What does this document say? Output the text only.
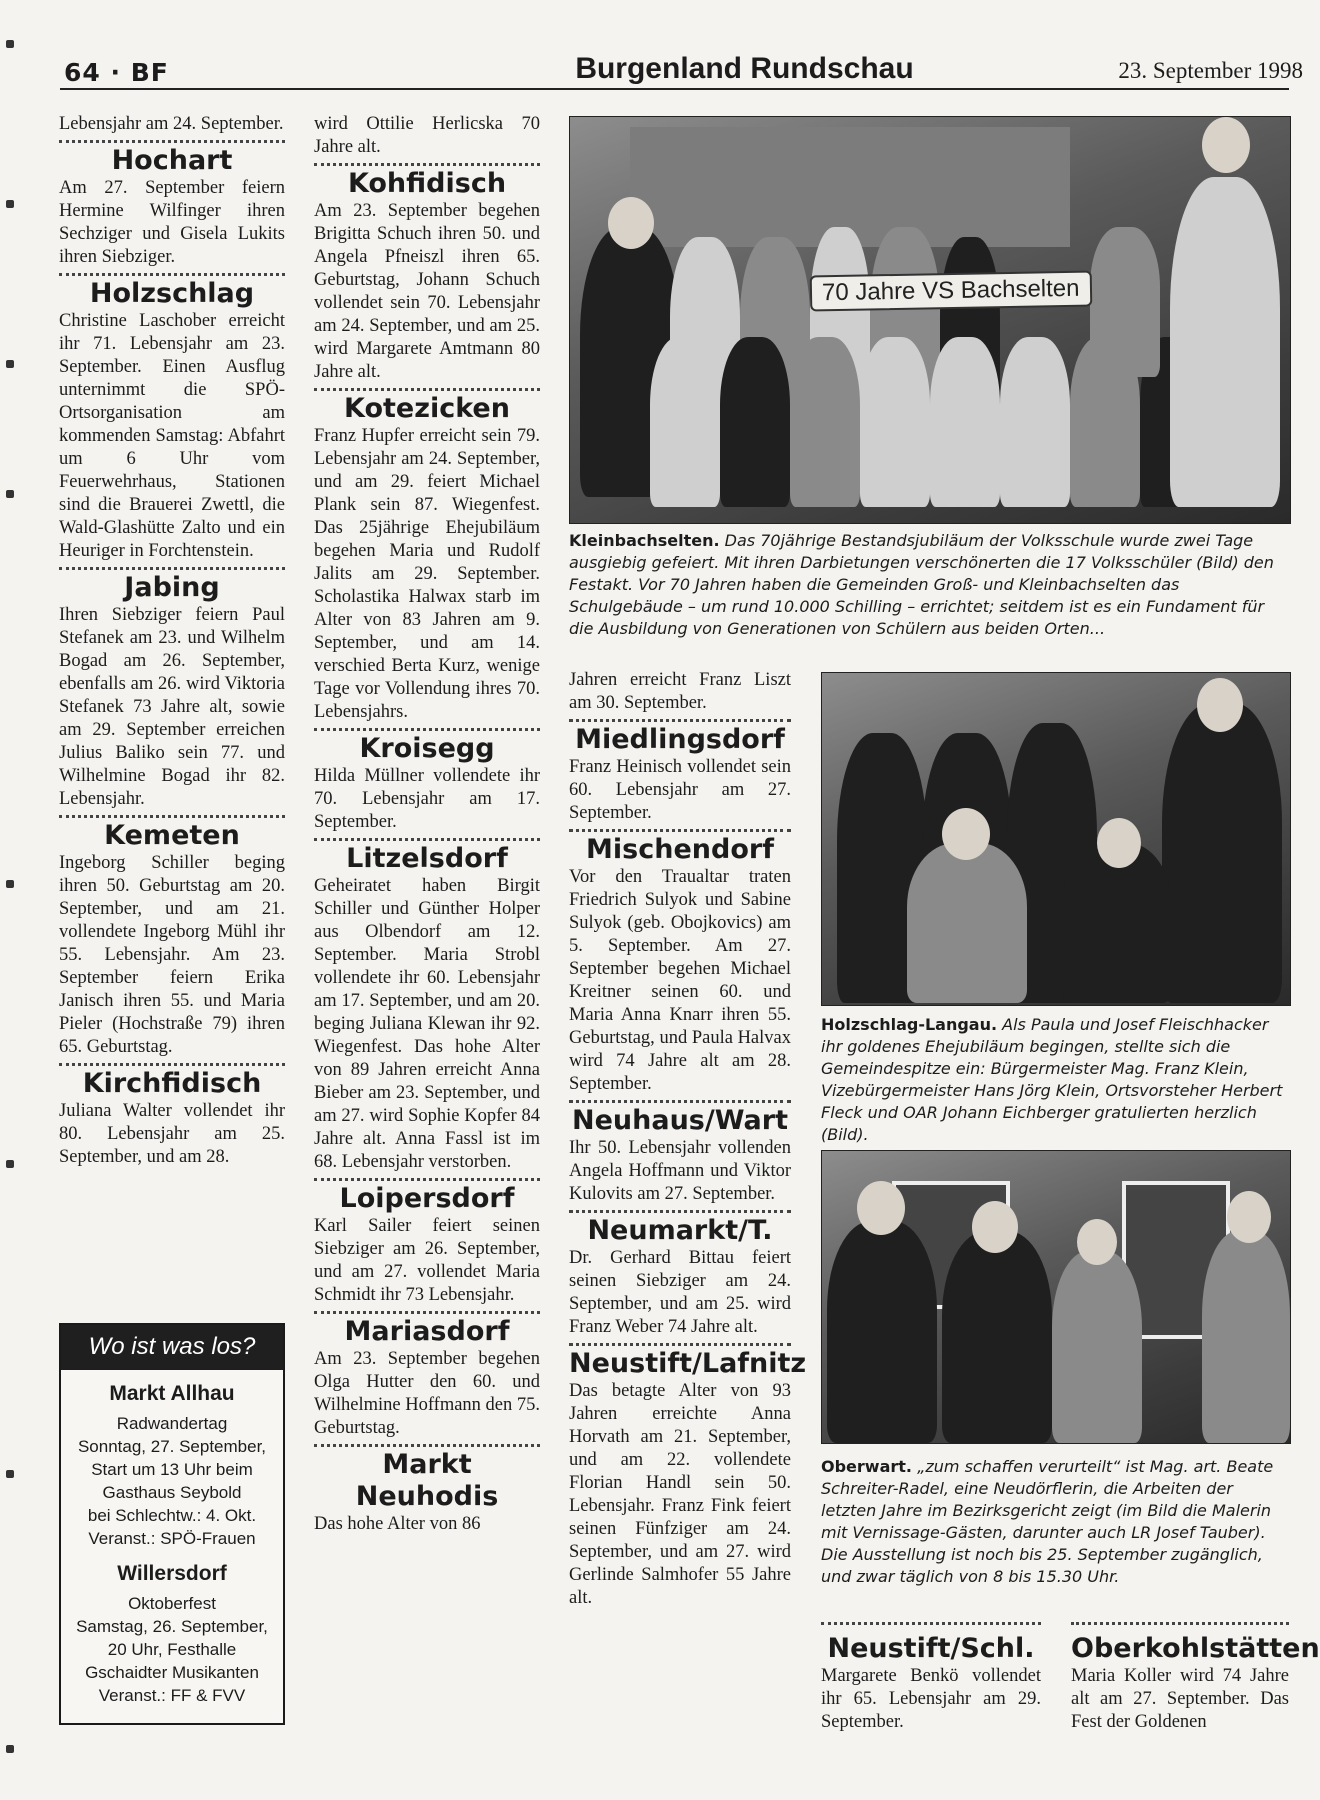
64 · BF	Burgenland Rundschau	23. September 1998

Lebensjahr am 24. September.

Hochart

Am 27. September feiern Hermine Wilfinger ihren Sechziger und Gisela Lukits ihren Siebziger.

Holzschlag

Christine Laschober erreicht ihr 71. Lebensjahr am 23. September. Einen Ausflug unternimmt die SPÖ-Ortsorganisation am kommenden Samstag: Abfahrt um 6 Uhr vom Feuerwehrhaus, Stationen sind die Brauerei Zwettl, die Wald-Glashütte Zalto und ein Heuriger in Forchtenstein.

Jabing

Ihren Siebziger feiern Paul Stefanek am 23. und Wilhelm Bogad am 26. September, ebenfalls am 26. wird Viktoria Stefanek 73 Jahre alt, sowie am 29. September erreichen Julius Baliko sein 77. und Wilhelmine Bogad ihr 82. Lebensjahr.

Kemeten

Ingeborg Schiller beging ihren 50. Geburtstag am 20. September, und am 21. vollendete Ingeborg Mühl ihr 55. Lebensjahr. Am 23. September feiern Erika Janisch ihren 55. und Maria Pieler (Hochstraße 79) ihren 65. Geburtstag.

Kirchfidisch

Juliana Walter vollendet ihr 80. Lebensjahr am 25. September, und am 28.

Wo ist was los?
Markt Allhau
Radwandertag
Sonntag, 27. September,
Start um 13 Uhr beim
Gasthaus Seybold
bei Schlechtw.: 4. Okt.
Veranst.: SPÖ-Frauen
Willersdorf
Oktoberfest
Samstag, 26. September,
20 Uhr, Festhalle
Gschaidter Musikanten
Veranst.: FF & FVV

wird Ottilie Herlicska 70 Jahre alt.

Kohfidisch

Am 23. September begehen Brigitta Schuch ihren 50. und Angela Pfneiszl ihren 65. Geburtstag, Johann Schuch vollendet sein 70. Lebensjahr am 24. September, und am 25. wird Margarete Amtmann 80 Jahre alt.

Kotezicken

Franz Hupfer erreicht sein 79. Lebensjahr am 24. September, und am 29. feiert Michael Plank sein 87. Wiegenfest. Das 25jährige Ehejubiläum begehen Maria und Rudolf Jalits am 29. September. Scholastika Halwax starb im Alter von 83 Jahren am 9. September, und am 14. verschied Berta Kurz, wenige Tage vor Vollendung ihres 70. Lebensjahrs.

Kroisegg

Hilda Müllner vollendete ihr 70. Lebensjahr am 17. September.

Litzelsdorf

Geheiratet haben Birgit Schiller und Günther Holper aus Olbendorf am 12. September. Maria Strobl vollendete ihr 60. Lebensjahr am 17. September, und am 20. beging Juliana Klewan ihr 92. Wiegenfest. Das hohe Alter von 89 Jahren erreicht Anna Bieber am 23. September, und am 27. wird Sophie Kopfer 84 Jahre alt. Anna Fassl ist im 68. Lebensjahr verstorben.

Loipersdorf

Karl Sailer feiert seinen Siebziger am 26. September, und am 27. vollendet Maria Schmidt ihr 73 Lebensjahr.

Mariasdorf

Am 23. September begehen Olga Hutter den 60. und Wilhelmine Hoffmann den 75. Geburtstag.

Markt Neuhodis

Das hohe Alter von 86

70 Jahre VS Bachselten
Kleinbachselten. Das 70jährige Bestandsjubiläum der Volksschule wurde zwei Tage ausgiebig gefeiert. Mit ihren Darbietungen verschönerten die 17 Volksschüler (Bild) den Festakt. Vor 70 Jahren haben die Gemeinden Groß- und Kleinbachselten das Schulgebäude – um rund 10.000 Schilling – errichtet; seitdem ist es ein Fundament für die Ausbildung von Generationen von Schülern aus beiden Orten...

Jahren erreicht Franz Liszt am 30. September.

Miedlingsdorf

Franz Heinisch vollendet sein 60. Lebensjahr am 27. September.

Mischendorf

Vor den Traualtar traten Friedrich Sulyok und Sabine Sulyok (geb. Obojkovics) am 5. September. Am 27. September begehen Michael Kreitner seinen 60. und Maria Anna Knarr ihren 55. Geburtstag, und Paula Halvax wird 74 Jahre alt am 28. September.

Neuhaus/Wart

Ihr 50. Lebensjahr vollenden Angela Hoffmann und Viktor Kulovits am 27. September.

Neumarkt/T.

Dr. Gerhard Bittau feiert seinen Siebziger am 24. September, und am 25. wird Franz Weber 74 Jahre alt.

Neustift/Lafnitz

Das betagte Alter von 93 Jahren erreichte Anna Horvath am 21. September, und am 22. vollendete Florian Handl sein 50. Lebensjahr. Franz Fink feiert seinen Fünfziger am 24. September, und am 27. wird Gerlinde Salmhofer 55 Jahre alt.

Holzschlag-Langau. Als Paula und Josef Fleischhacker ihr goldenes Ehejubiläum begingen, stellte sich die Gemeindespitze ein: Bürgermeister Mag. Franz Klein, Vizebürgermeister Hans Jörg Klein, Ortsvorsteher Herbert Fleck und OAR Johann Eichberger gratulierten herzlich (Bild).
Oberwart. „zum schaffen verurteilt“ ist Mag. art. Beate Schreiter-Radel, eine Neudörflerin, die Arbeiten der letzten Jahre im Bezirksgericht zeigt (im Bild die Malerin mit Vernissage-Gästen, darunter auch LR Josef Tauber). Die Ausstellung ist noch bis 25. September zugänglich, und zwar täglich von 8 bis 15.30 Uhr.
Neustift/Schl.

Margarete Benkö vollendet ihr 65. Lebensjahr am 29. September.

Oberkohlstätten

Maria Koller wird 74 Jahre alt am 27. September. Das Fest der Goldenen
